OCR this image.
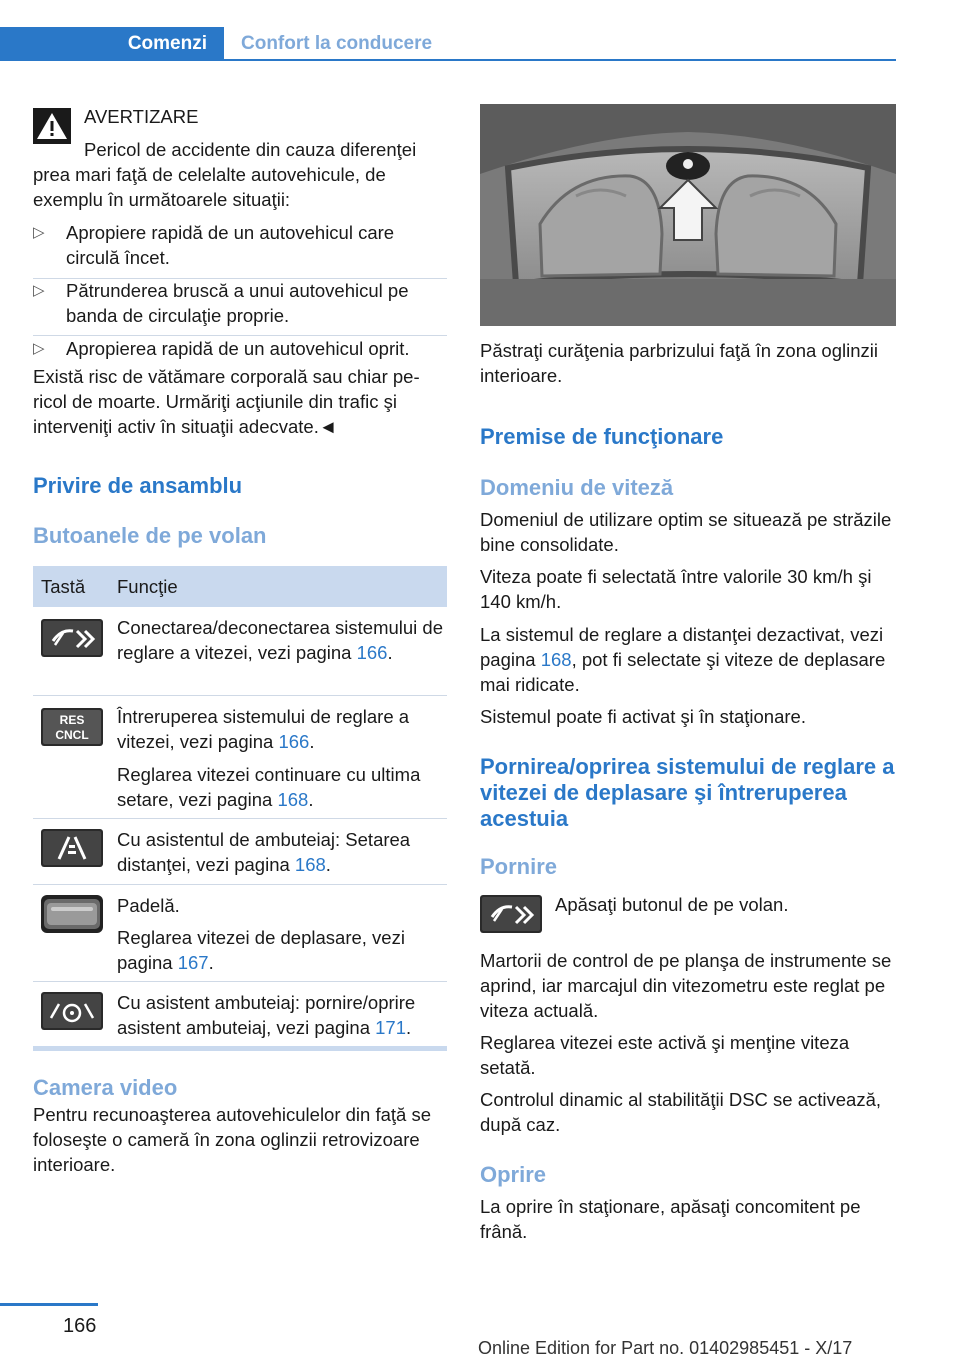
Comenzi	Confort la conducere

AVERTIZARE

Pericol de accidente din cauza diferenţei prea mari faţă de celelalte autovehicule, de exemplu în următoarele situaţii:

▷ Apropiere rapidă de un autovehicul care circulă încet.
▷ Pătrunderea bruscă a unui autovehicul pe banda de circulaţie proprie.
▷ Apropierea rapidă de un autovehicul oprit.

Există risc de vătămare corporală sau chiar pericol de moarte. Urmăriţi acţiunile din trafic şi interveniţi activ în situaţii adecvate.◄

Privire de ansamblu

Butoanele de pe volan

Tastă Funcţie

Conectarea/deconectarea sistemului de reglare a vitezei, vezi pagina 166.

RES
CNCL

Întreruperea sistemului de reglare a vitezei, vezi pagina 166.

Reglarea vitezei continuare cu ultima setare, vezi pagina 168.

Cu asistentul de ambuteiaj: Setarea distanţei, vezi pagina 168.

Padelă.

Reglarea vitezei de deplasare, vezi pagina 167.

Cu asistent ambuteiaj: pornire/oprire asistent ambuteiaj, vezi pagina 171.

Camera video

Pentru recunoaşterea autovehiculelor din faţă se foloseşte o cameră în zona oglinzii retrovizoare interioare.

Păstraţi curăţenia parbrizului faţă în zona oglinzii interioare.

Premise de funcţionare

Domeniu de viteză

Domeniul de utilizare optim se situează pe străzile bine consolidate.

Viteza poate fi selectată între valorile 30 km/h şi 140 km/h.

La sistemul de reglare a distanţei dezactivat, vezi pagina 168, pot fi selectate şi viteze de deplasare mai ridicate.

Sistemul poate fi activat şi în staţionare.

Pornirea/oprirea sistemului de reglare a vitezei de deplasare şi întreruperea acestuia

Pornire

Apăsaţi butonul de pe volan.

Martorii de control de pe planşa de instrumente se aprind, iar marcajul din vitezometru este reglat pe viteza actuală.

Reglarea vitezei este activă şi menţine viteza setată.

Controlul dinamic al stabilităţii DSC se activează, după caz.

Oprire

La oprire în staţionare, apăsaţi concomitent pe frână.

166
Online Edition for Part no. 01402985451 - X/17
